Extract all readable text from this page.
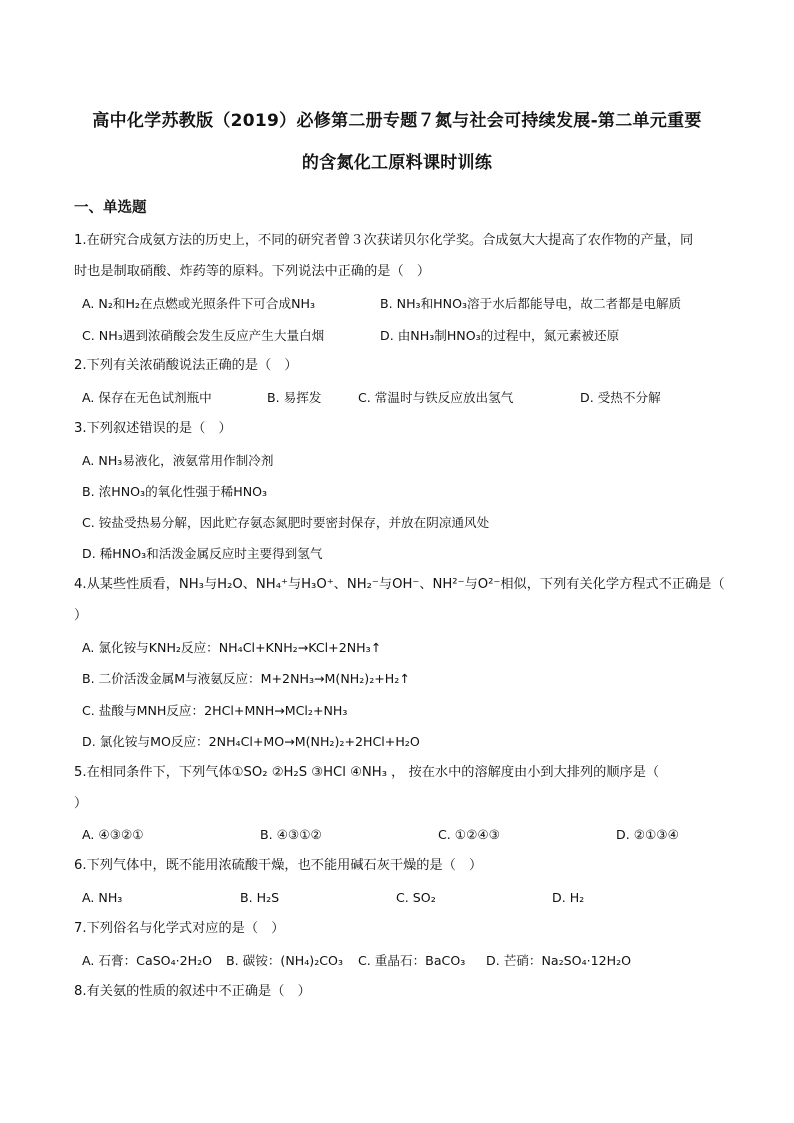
高中化学苏教版（2019）必修第二册专题７氮与社会可持续发展-第二单元重要
的含氮化工原料课时训练
一、单选题
1.在研究合成氨方法的历史上，不同的研究者曾３次获诺贝尔化学奖。合成氨大大提高了农作物的产量，同
时也是制取硝酸、炸药等的原料。下列说法中正确的是（　）
A. N₂和H₂在点燃或光照条件下可合成NH₃	B. NH₃和HNO₃溶于水后都能导电，故二者都是电解质
C. NH₃遇到浓硝酸会发生反应产生大量白烟	D. 由NH₃制HNO₃的过程中，氮元素被还原
2.下列有关浓硝酸说法正确的是（　）
A. 保存在无色试剂瓶中	B. 易挥发	C. 常温时与铁反应放出氢气	D. 受热不分解
3.下列叙述错误的是（　）
A. NH₃易液化，液氨常用作制冷剂
B. 浓HNO₃的氧化性强于稀HNO₃
C. 铵盐受热易分解，因此贮存氨态氮肥时要密封保存，并放在阴凉通风处
D. 稀HNO₃和活泼金属反应时主要得到氢气
4.从某些性质看，NH₃与H₂O、NH₄⁺与H₃O⁺、NH₂⁻与OH⁻、NH²⁻与O²⁻相似，下列有关化学方程式不正确是（
）
A. 氯化铵与KNH₂反应：NH₄Cl+KNH₂→KCl+2NH₃↑
B. 二价活泼金属M与液氨反应：M+2NH₃→M(NH₂)₂+H₂↑
C. 盐酸与MNH反应：2HCl+MNH→MCl₂+NH₃
D. 氯化铵与MO反应：2NH₄Cl+MO→M(NH₂)₂+2HCl+H₂O
5.在相同条件下，下列气体①SO₂ ②H₂S ③HCl ④NH₃ ， 按在水中的溶解度由小到大排列的顺序是（
）
A. ④③②①	B. ④③①②	C. ①②④③	D. ②①③④
6.下列气体中，既不能用浓硫酸干燥，也不能用碱石灰干燥的是（　）
A. NH₃	B. H₂S	C. SO₂	D. H₂
7.下列俗名与化学式对应的是（　）
A. 石膏：CaSO₄·2H₂O B. 碳铵：(NH₄)₂CO₃ C. 重晶石：BaCO₃ D. 芒硝：Na₂SO₄·12H₂O
8.有关氨的性质的叙述中不正确是（　）
